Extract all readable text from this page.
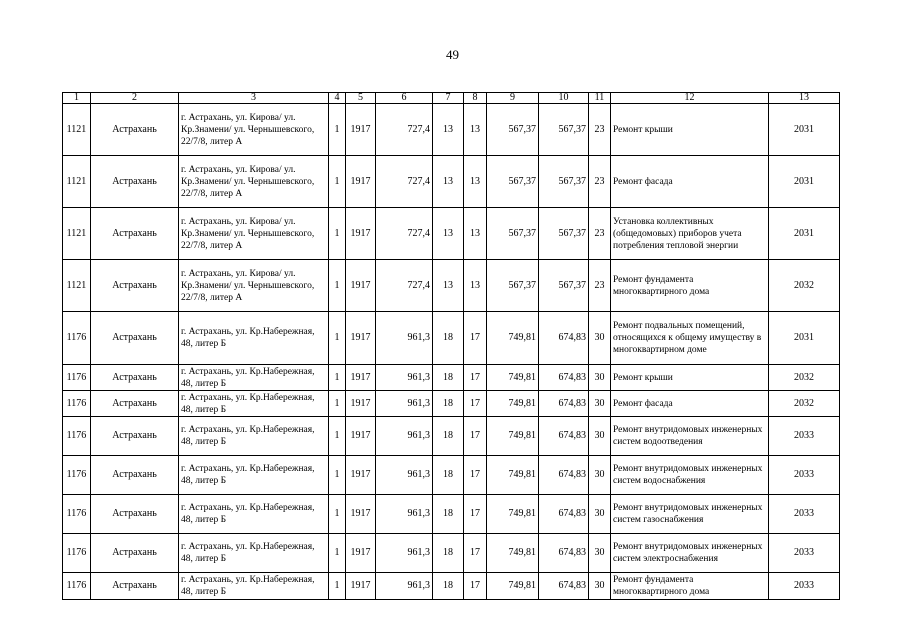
49
1	2	3	4	5	6	7	8	9	10	11	12	13
1121	Астрахань	г. Астрахань, ул. Кирова/ ул. Кр.Знамени/ ул. Чернышевского, 22/7/8, литер А	1	1917	727,4	13	13	567,37	567,37	23	Ремонт крыши	2031
1121	Астрахань	г. Астрахань, ул. Кирова/ ул. Кр.Знамени/ ул. Чернышевского, 22/7/8, литер А	1	1917	727,4	13	13	567,37	567,37	23	Ремонт фасада	2031
1121	Астрахань	г. Астрахань, ул. Кирова/ ул. Кр.Знамени/ ул. Чернышевского, 22/7/8, литер А	1	1917	727,4	13	13	567,37	567,37	23	Установка коллективных (общедомовых) приборов учета потребления тепловой энергии	2031
1121	Астрахань	г. Астрахань, ул. Кирова/ ул. Кр.Знамени/ ул. Чернышевского, 22/7/8, литер А	1	1917	727,4	13	13	567,37	567,37	23	Ремонт фундамента многоквартирного дома	2032
1176	Астрахань	г. Астрахань, ул. Кр.Набережная, 48, литер Б	1	1917	961,3	18	17	749,81	674,83	30	Ремонт подвальных помещений, относящихся к общему имуществу в многоквартирном доме	2031
1176	Астрахань	г. Астрахань, ул. Кр.Набережная, 48, литер Б	1	1917	961,3	18	17	749,81	674,83	30	Ремонт крыши	2032
1176	Астрахань	г. Астрахань, ул. Кр.Набережная, 48, литер Б	1	1917	961,3	18	17	749,81	674,83	30	Ремонт фасада	2032
1176	Астрахань	г. Астрахань, ул. Кр.Набережная, 48, литер Б	1	1917	961,3	18	17	749,81	674,83	30	Ремонт внутридомовых инженерных систем водоотведения	2033
1176	Астрахань	г. Астрахань, ул. Кр.Набережная, 48, литер Б	1	1917	961,3	18	17	749,81	674,83	30	Ремонт внутридомовых инженерных систем водоснабжения	2033
1176	Астрахань	г. Астрахань, ул. Кр.Набережная, 48, литер Б	1	1917	961,3	18	17	749,81	674,83	30	Ремонт внутридомовых инженерных систем газоснабжения	2033
1176	Астрахань	г. Астрахань, ул. Кр.Набережная, 48, литер Б	1	1917	961,3	18	17	749,81	674,83	30	Ремонт внутридомовых инженерных систем электроснабжения	2033
1176	Астрахань	г. Астрахань, ул. Кр.Набережная, 48, литер Б	1	1917	961,3	18	17	749,81	674,83	30	Ремонт фундамента многоквартирного дома	2033
